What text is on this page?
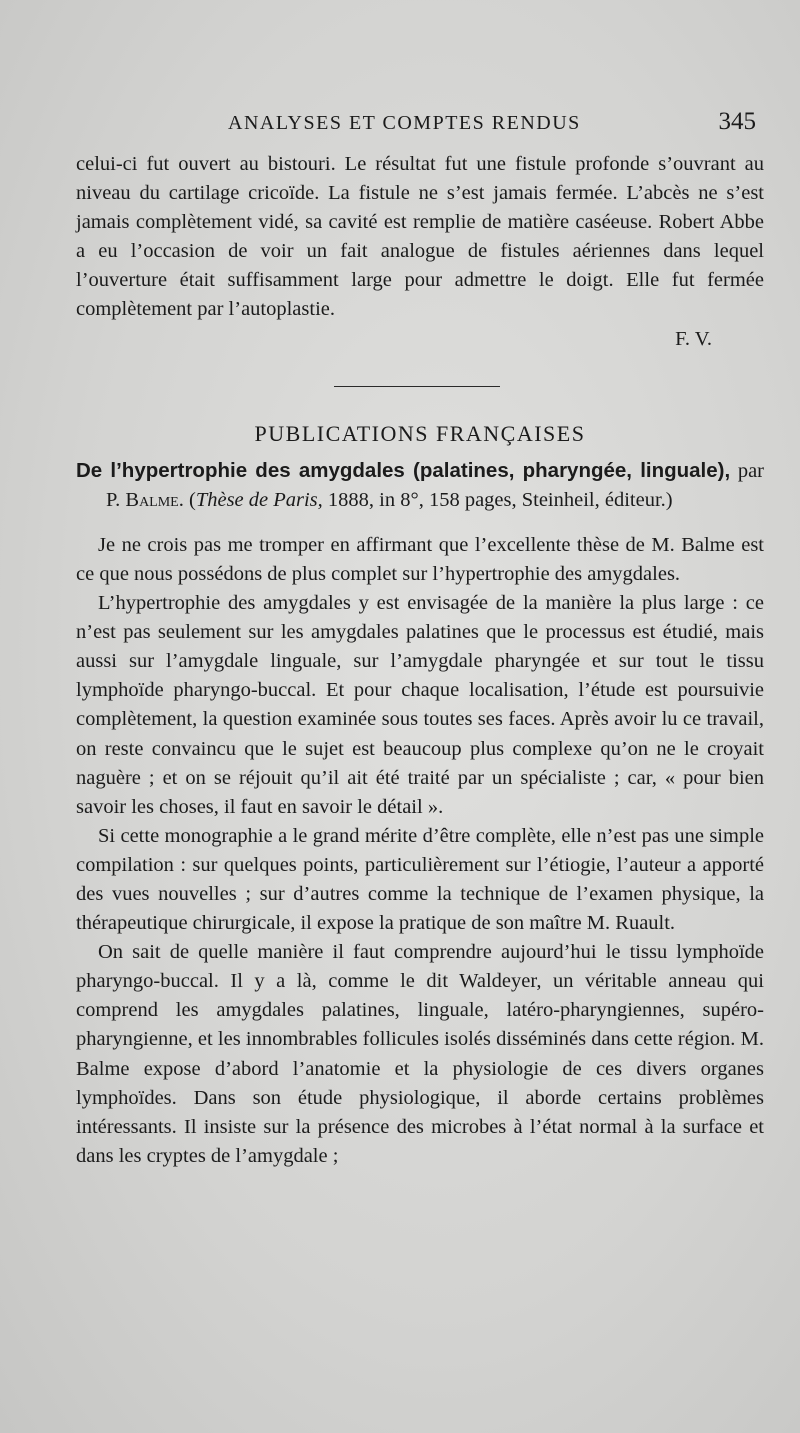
ANALYSES ET COMPTES RENDUS	345

celui-ci fut ouvert au bistouri. Le résultat fut une fistule profonde s’ouvrant au niveau du cartilage cricoïde. La fistule ne s’est jamais fermée. L’abcès ne s’est jamais complètement vidé, sa cavité est remplie de matière caséeuse. Robert Abbe a eu l’occasion de voir un fait analogue de fistules aériennes dans lequel l’ouverture était suffisamment large pour admettre le doigt. Elle fut fermée complètement par l’autoplastie.

F. V.

PUBLICATIONS FRANÇAISES

De l’hypertrophie des amygdales (palatines, pharyngée, linguale), par P. Balme. (Thèse de Paris, 1888, in 8°, 158 pages, Steinheil, éditeur.)

Je ne crois pas me tromper en affirmant que l’excellente thèse de M. Balme est ce que nous possédons de plus complet sur l’hypertrophie des amygdales.

L’hypertrophie des amygdales y est envisagée de la manière la plus large : ce n’est pas seulement sur les amygdales palatines que le processus est étudié, mais aussi sur l’amygdale linguale, sur l’amygdale pharyngée et sur tout le tissu lymphoïde pharyngo-buccal. Et pour chaque localisation, l’étude est poursuivie complètement, la question examinée sous toutes ses faces. Après avoir lu ce travail, on reste convaincu que le sujet est beaucoup plus complexe qu’on ne le croyait naguère ; et on se réjouit qu’il ait été traité par un spécialiste ; car, « pour bien savoir les choses, il faut en savoir le détail ».

Si cette monographie a le grand mérite d’être complète, elle n’est pas une simple compilation : sur quelques points, particulièrement sur l’étiogie, l’auteur a apporté des vues nouvelles ; sur d’autres comme la technique de l’examen physique, la thérapeutique chirurgicale, il expose la pratique de son maître M. Ruault.

On sait de quelle manière il faut comprendre aujourd’hui le tissu lymphoïde pharyngo-buccal. Il y a là, comme le dit Waldeyer, un véritable anneau qui comprend les amygdales palatines, linguale, latéro-pharyngiennes, supéro-pharyngienne, et les innombrables follicules isolés disséminés dans cette région. M. Balme expose d’abord l’anatomie et la physiologie de ces divers organes lymphoïdes. Dans son étude physiologique, il aborde certains problèmes intéressants. Il insiste sur la présence des microbes à l’état normal à la surface et dans les cryptes de l’amygdale ;
